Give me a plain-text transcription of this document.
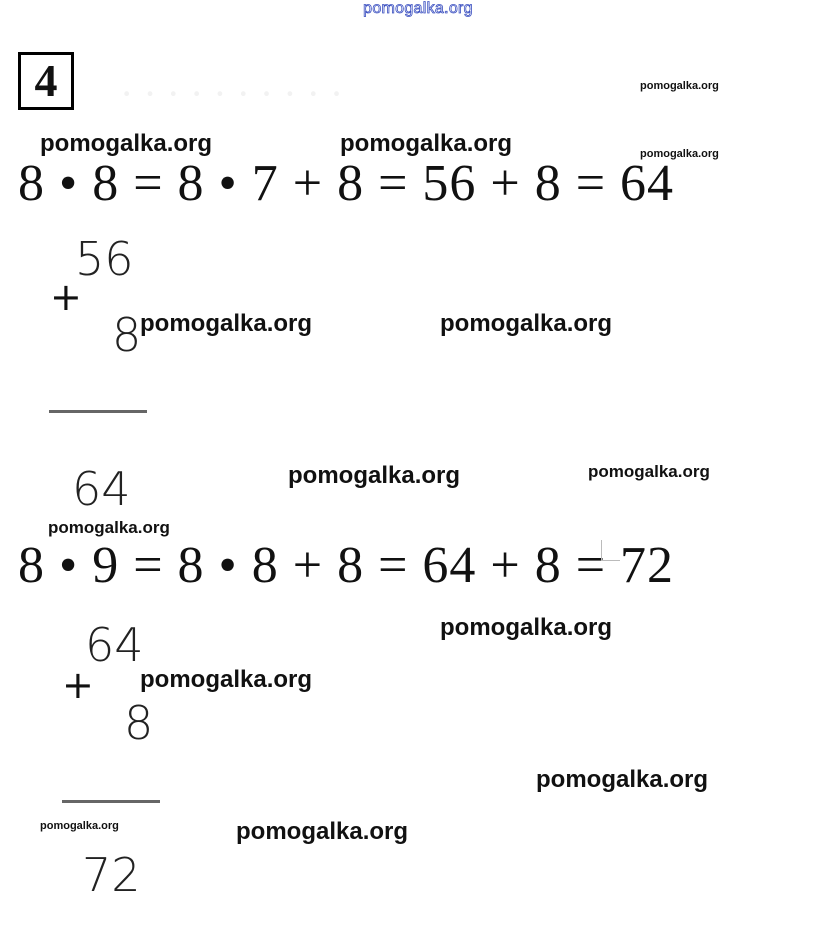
pomogalka.org
· · · · · · · · · ·
4
8 • 8 = 8 • 7 + 8 = 56 + 8 = 64
56
+
8
64
8 • 9 = 8 • 8 + 8 = 64 + 8 = 72
64
+
8
72
pomogalka.org
pomogalka.org	pomogalka.org	pomogalka.org
pomogalka.org	pomogalka.org
pomogalka.org	pomogalka.org
pomogalka.org
pomogalka.org
pomogalka.org
pomogalka.org
pomogalka.org	pomogalka.org
